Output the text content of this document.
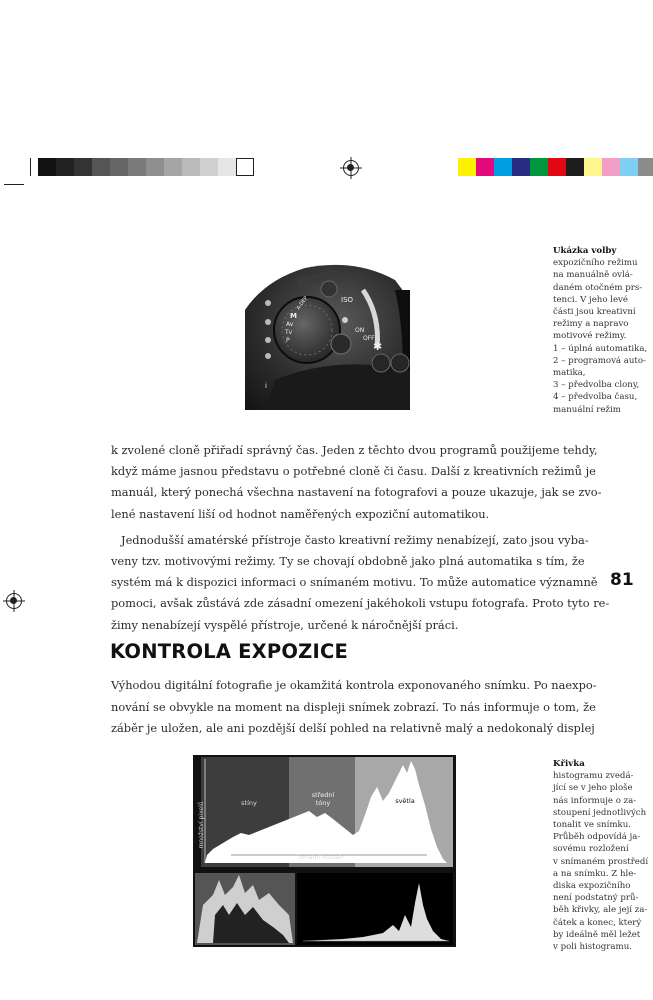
A-DEP
M
Av
Tv
P
ISO
ON
OFF
i
✱
Ukázka volby
expozičního režimu
na manuálně ovlá-
daném otočném prs-
tenci. V jeho levé
části jsou kreativní
režimy a napravo
motivové režimy.
1 – úplná automatika,
2 – programová auto-
matika,
3 – předvolba clony,
4 – předvolba času,
manuální režim
k zvolené cloně přiřadí správný čas. Jeden z těchto dvou programů použijeme tehdy,
když máme jasnou představu o potřebné cloně či času. Další z kreativních režimů je
manuál, který ponechá všechna nastavení na fotografovi a pouze ukazuje, jak se zvo-
lené nastavení liší od hodnot naměřených expoziční automatikou.
Jednodušší amatérské přístroje často kreativní režimy nenabízejí, zato jsou vyba-
veny tzv. motivovými režimy. Ty se chovají obdobně jako plná automatika s tím, že
systém má k dispozici informaci o snímaném motivu. To může automatice významně
pomoci, avšak zůstává zde zásadní omezení jakéhokoli vstupu fotografa. Proto tyto re-
žimy nenabízejí vyspělé přístroje, určené k náročnější práci.
81
KONTROLA EXPOZICE
Výhodou digitální fotografie je okamžitá kontrola exponovaného snímku. Po naexpo-
nování se obvykle na moment na displeji snímek zobrazí. To nás informuje o tom, že
záběr je uložen, ale ani pozdější delší pohled na relativně malý a nedokonalý displej
množství pixelů	stíny
střední tóny	světla
tonální rozsah
Křivka
histogramu zvedá-
jící se v jeho ploše
nás informuje o za-
stoupení jednotlivých
tonalit ve snímku.
Průběh odpovídá ja-
sovému rozložení
v snímaném prostředí
a na snímku. Z hle-
diska expozičního
není podstatný prů-
běh křivky, ale její za-
čátek a konec, který
by ideálně měl ležet
v poli histogramu.
